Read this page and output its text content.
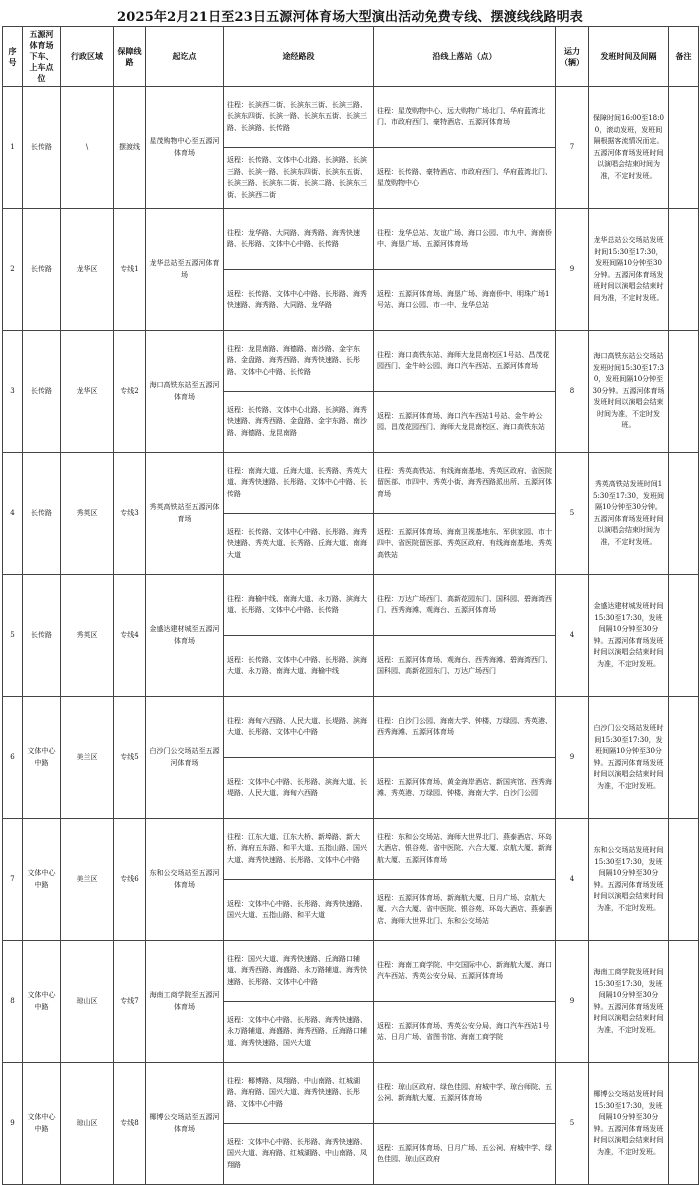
2025年2月21日至23日五源河体育场大型演出活动免费专线、摆渡线线路明表
序号	五源河体育场下车、上车点位	行政区域	保障线路	起讫点	途经路段	沿线上落站（点）	运力（辆）	发班时间及间隔	备注
1	长传路	\	摆渡线	星茂购物中心至五源河体育场	往程：长滨西二街、长滨东三街、长滨三路、长滨东四街、长滨一路、长滨东五街、长滨三路、长滨路、长传路	往程：星茂购物中心、远大购物广场北门、华府蓝湾北门、市政府西门、豪特酒店、五源河体育场	7	保障时间16:00至18:00，滚动发班，发班间隔根据客流情况而定。五源河体育场发班时间以演唱会结束时间为准，不定时发班。	
					返程：长传路、文体中心北路、长滨路、长滨三路、长滨一路、长滨东四街、长滨东五街、长滨三路、长滨东二街、长滨二路、长滨东三街、长滨西二街	返程：长传路、豪特酒店、市政府西门、华府蓝湾北门、星茂购物中心			
2	长传路	龙华区	专线1	龙华总站至五源河体育场	往程：龙华路、大同路、海秀路、海秀快速路、长彤路、文体中心中路、长传路	往程：龙华总站、友谊广场、海口公园、市九中、海南侨中、海垦广场、五源河体育场	9	龙华总站公交场站发班时间15:30至17:30，发班间隔10分钟至30分钟。五源河体育场发班时间以演唱会结束时间为准，不定时发班。	
					返程：长传路、文体中心中路、长彤路、海秀快速路、海秀路、大同路、龙华路	返程：五源河体育场、海垦广场、海南侨中、明珠广场1号站、海口公园、市一中、龙华总站			
3	长传路	龙华区	专线2	海口高铁东站至五源河体育场	往程：龙昆南路、海德路、南沙路、金宇东路、金盘路、海秀西路、海秀快速路、长彤路、文体中心中路、长传路	往程：海口高铁东站、海师大龙昆南校区1号站、昌茂花园西门、金牛岭公园、海口汽车西站、五源河体育场	8	海口高铁东站公交场站发班时间15:30至17:30，发班间隔10分钟至30分钟。五源河体育场发班时间以演唱会结束时间为准，不定时发班。	
					返程：长传路、文体中心北路、长滨路、海秀快速路、海秀西路、金盘路、金宇东路、南沙路、海德路、龙昆南路	返程：五源河体育场、海口汽车西站1号站、金牛岭公园、昌茂花园西门、海师大龙昆南校区、海口高铁东站			
4	长传路	秀英区	专线3	秀英高铁站至五源河体育场	往程：南海大道、丘海大道、长秀路、秀英大道、海秀快速路、长彤路、文体中心中路、长传路	往程：秀英高铁站、有线海南基地、秀英区政府、省医院留医部、市四中、秀英小街、海秀西路派出所、五源河体育场	5	秀英高铁站发班时间15:30至17:30，发班间隔10分钟至30分钟。五源河体育场发班时间以演唱会结束时间为准，不定时发班。	
					返程：长传路、文体中心中路、长彤路、海秀快速路、秀英大道、长秀路、丘海大道、南海大道	返程：五源河体育场、海南卫视基地东、军供家园、市十四中、省医院留医部、秀英区政府、有线海南基地、秀英高铁站			
5	长传路	秀英区	专线4	金盛达建材城至五源河体育场	往程：海榆中线、南海大道、永万路、滨海大道、长彤路、文体中心中路、长传路	往程：万达广场西门、高新花园东门、国科园、碧海湾西门、西秀海滩、观海台、五源河体育场	4	金盛达建材城发班时间15:30至17:30，发班间隔10分钟至30分钟。五源河体育场发班时间以演唱会结束时间为准，不定时发班。	
					返程：长传路、文体中心中路、长彤路、滨海大道、永万路、南海大道、海榆中线	返程：五源河体育场、观海台、西秀海滩、碧海湾西门、国科园、高新花园东门、万达广场西门			
6	文体中心中路	美兰区	专线5	白沙门公交场站至五源河体育场	往程：海甸六西路、人民大道、长堤路、滨海大道、长彤路、文体中心中路	往程：白沙门公园、海南大学、钟楼、万绿园、秀英港、西秀海滩、五源河体育场	9	白沙门公交场站发班时间15:30至17:30，发班间隔10分钟至30分钟。五源河体育场发班时间以演唱会结束时间为准，不定时发班。	
					返程：文体中心中路、长彤路、滨海大道、长堤路、人民大道、海甸六西路	返程：五源河体育场、黄金海岸酒店、新国宾馆、西秀海滩、秀英港、万绿园、钟楼、海南大学、白沙门公园			
7	文体中心中路	美兰区	专线6	东和公交场站至五源河体育场	往程：江东大道、江东大桥、新埠路、新大桥、海府五东路、和平大道、五指山路、国兴大道、海秀快速路、长彤路、文体中心中路	往程：东和公交场站、海师大世界北门、燕泰酒店、环岛大酒店、银谷苑、省中医院、六合大厦、京航大厦、新海航大厦、五源河体育场	4	东和公交场站发班时间15:30至17:30，发班间隔10分钟至30分钟。五源河体育场发班时间以演唱会结束时间为准，不定时发班。	
					返程：文体中心中路、长彤路、海秀快速路、国兴大道、五指山路、和平大道	返程：五源河体育场、新海航大厦、日月广场、京航大厦、六合大厦、省中医院、银谷苑、环岛大酒店、燕泰酒店、海师大世界北门、东和公交场站			
8	文体中心中路	琼山区	专线7	海南工商学院至五源河体育场	往程：国兴大道、海秀快速路、丘海路口辅道、海秀西路、海盛路、永万路辅道、海秀快速路、长彤路、文体中心中路	往程：海南工商学院、中交国际中心、新海航大厦、海口汽车西站、秀英公安分局、五源河体育场	9	海南工商学院发班时间15:30至17:30，发班间隔10分钟至30分钟。五源河体育场发班时间以演唱会结束时间为准，不定时发班。	
					返程：文体中心中路、长彤路、海秀快速路、永万路辅道、海盛路、海秀西路、丘海路口辅道、海秀快速路、国兴大道	返程：五源河体育场、秀英公安分局、海口汽车西站1号站、日月广场、省图书馆、海南工商学院			
9	文体中心中路	琼山区	专线8	椰博公交场站至五源河体育场	往程：椰博路、凤翔路、中山南路、红城湖路、海府路、国兴大道、海秀快速路、长彤路、文体中心中路	往程：琼山区政府、绿色佳园、府城中学、琼台师院、五公祠、新海航大厦、五源河体育场	5	椰博公交场站发班时间15:30至17:30，发班间隔10分钟至30分钟。五源河体育场发班时间以演唱会结束时间为准，不定时发班。	
					返程：文体中心中路、长彤路、海秀快速路、国兴大道、海府路、红城湖路、中山南路、凤翔路	返程：五源河体育场、日月广场、五公祠、府城中学、绿色佳园、琼山区政府			
